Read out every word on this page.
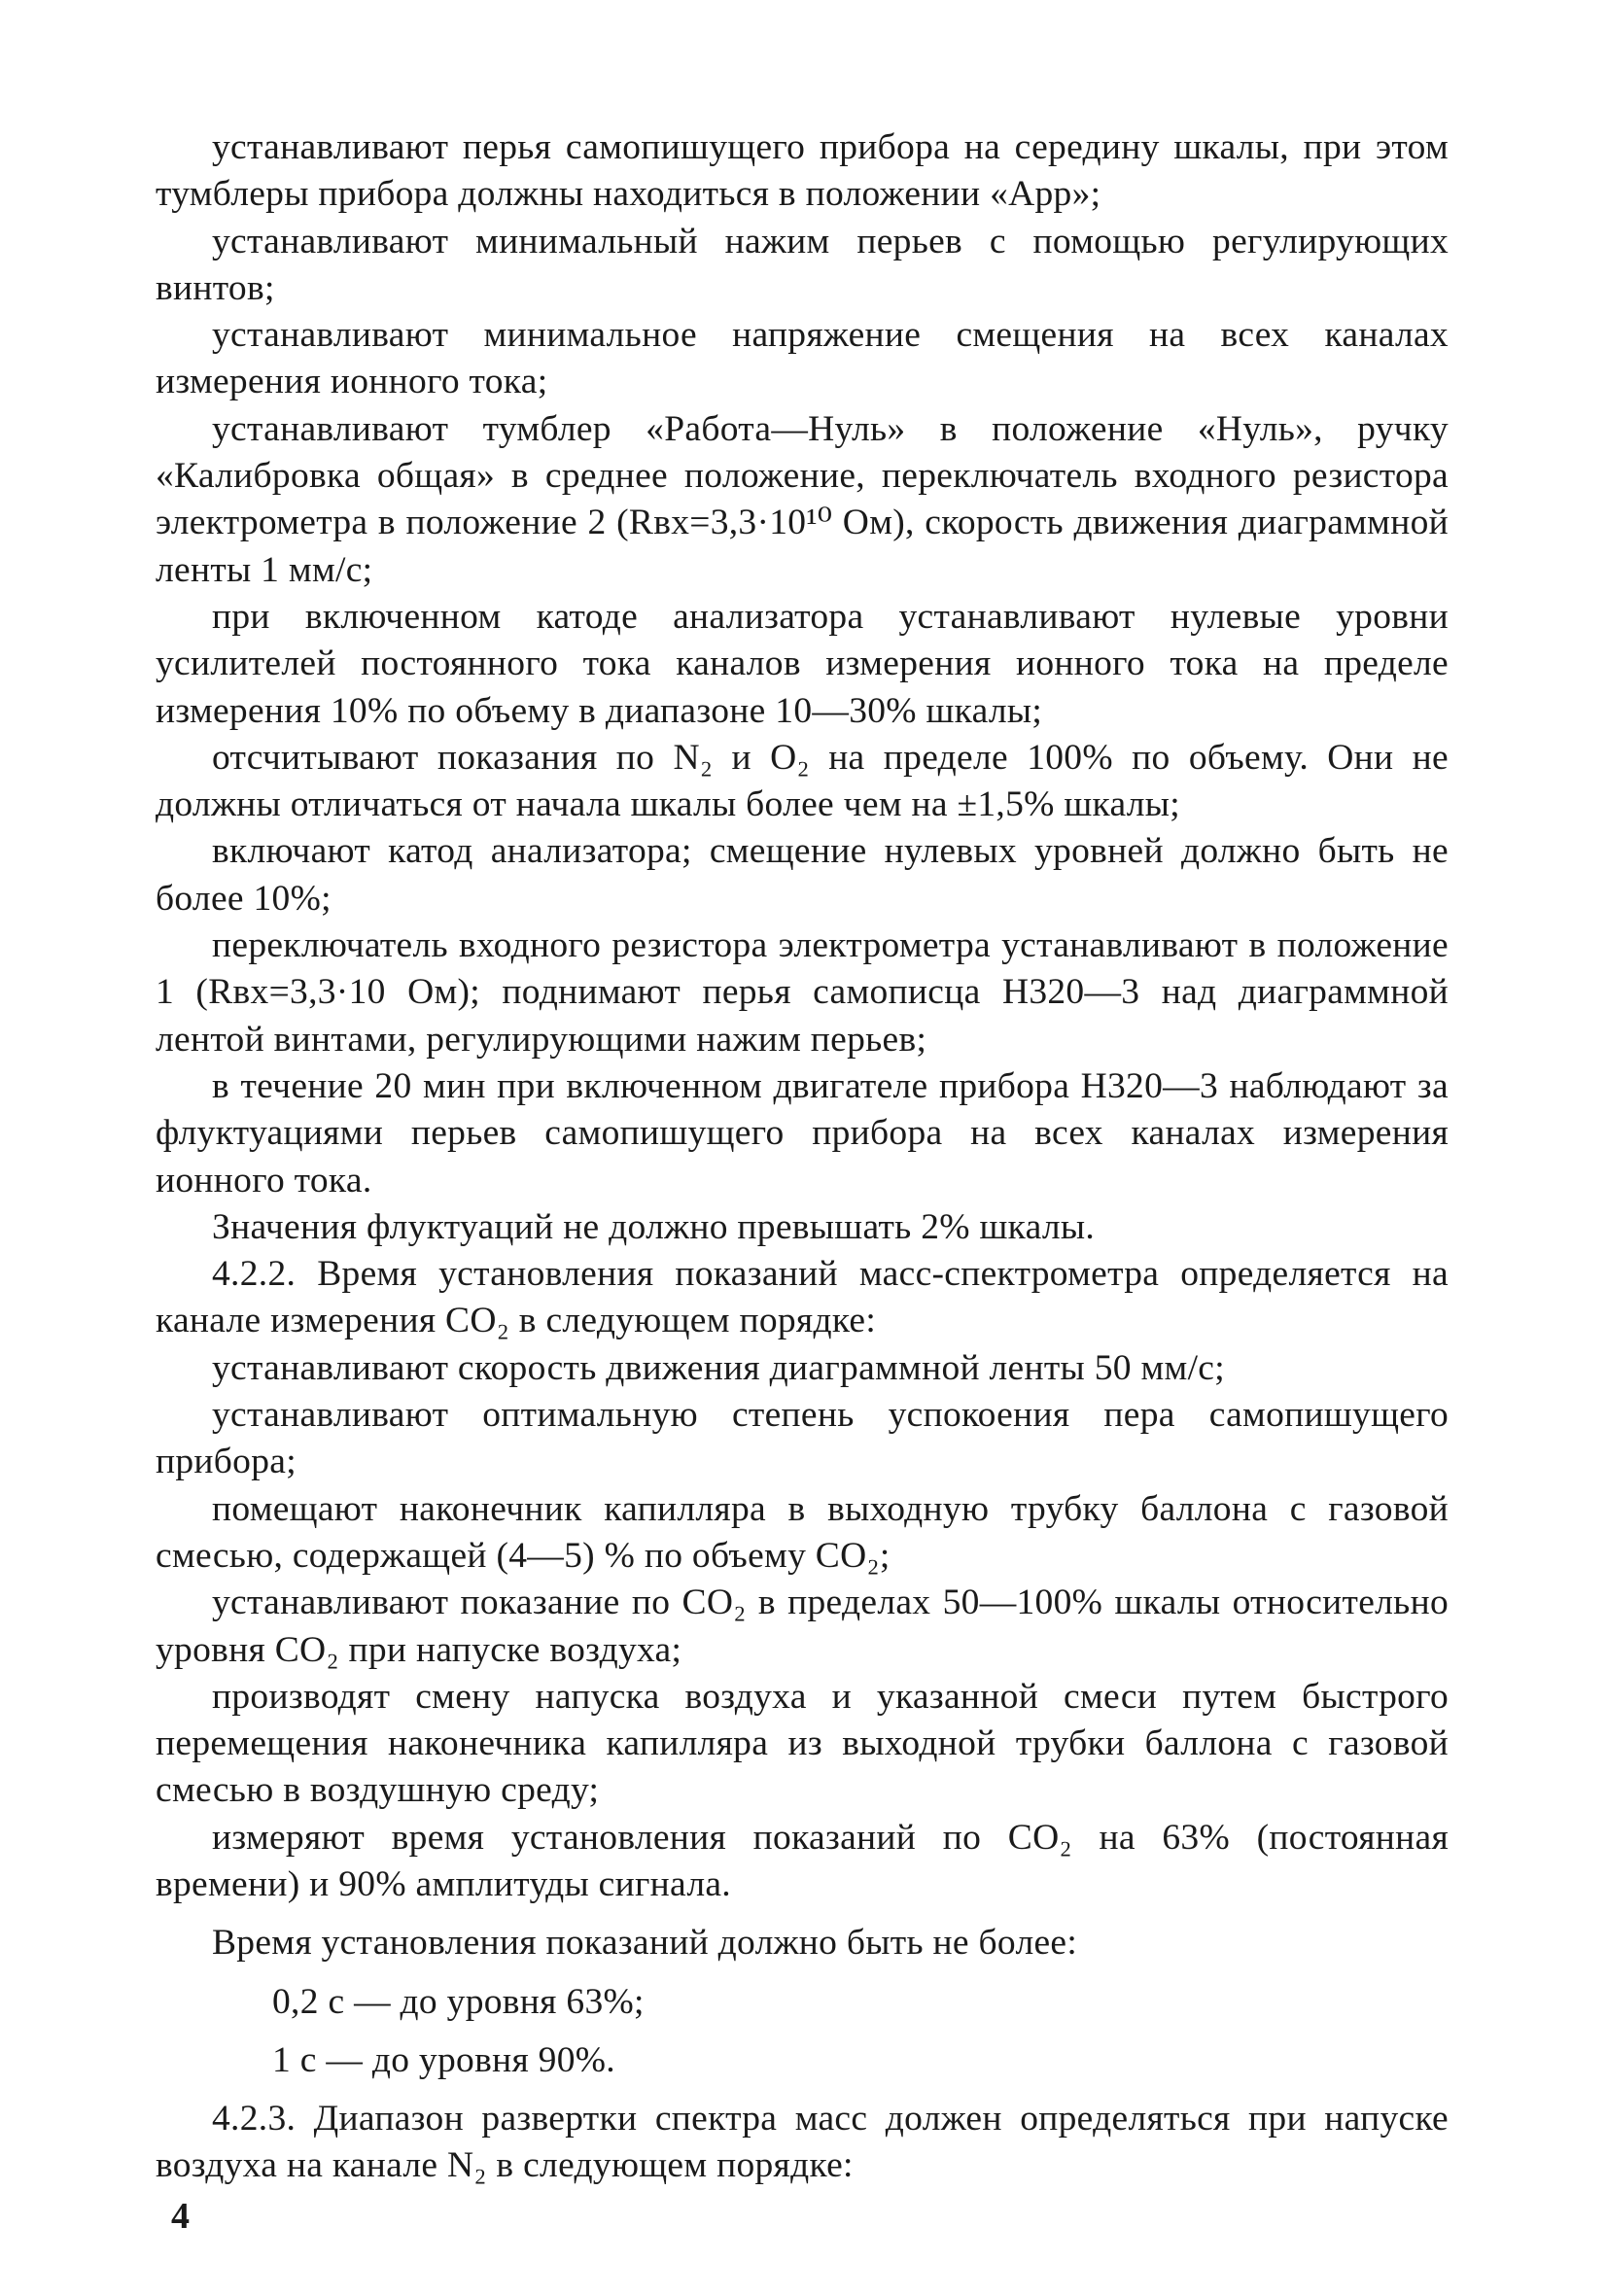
устанавливают перья самопишущего прибора на середину шкалы, при этом тумблеры прибора должны находиться в положении «Арр»;

устанавливают минимальный нажим перьев с помощью регулирующих винтов;

устанавливают минимальное напряжение смещения на всех каналах измерения ионного тока;

устанавливают тумблер «Работа—Нуль» в положение «Нуль», ручку «Калибровка общая» в среднее положение, переключатель входного резистора электрометра в положение 2 (Rвх=3,3·10¹⁰ Ом), скорость движения диаграммной ленты 1 мм/с;

при включенном катоде анализатора устанавливают нулевые уровни усилителей постоянного тока каналов измерения ионного тока на пределе измерения 10% по объему в диапазоне 10—30% шкалы;

отсчитывают показания по N₂ и O₂ на пределе 100% по объему. Они не должны отличаться от начала шкалы более чем на ±1,5% шкалы;

включают катод анализатора; смещение нулевых уровней должно быть не более 10%;

переключатель входного резистора электрометра устанавливают в положение 1 (Rвх=3,3·10 Ом); поднимают перья самописца Н320—3 над диаграммной лентой винтами, регулирующими нажим перьев;

в течение 20 мин при включенном двигателе прибора Н320—3 наблюдают за флуктуациями перьев самопишущего прибора на всех каналах измерения ионного тока.

Значения флуктуаций не должно превышать 2% шкалы.

4.2.2. Время установления показаний масс-спектрометра определяется на канале измерения CO₂ в следующем порядке:

устанавливают скорость движения диаграммной ленты 50 мм/с;

устанавливают оптимальную степень успокоения пера самопишущего прибора;

помещают наконечник капилляра в выходную трубку баллона с газовой смесью, содержащей (4—5) % по объему CO₂;

устанавливают показание по CO₂ в пределах 50—100% шкалы относительно уровня CO₂ при напуске воздуха;

производят смену напуска воздуха и указанной смеси путем быстрого перемещения наконечника капилляра из выходной трубки баллона с газовой смесью в воздушную среду;

измеряют время установления показаний по CO₂ на 63% (постоянная времени) и 90% амплитуды сигнала.

Время установления показаний должно быть не более:

0,2 с — до уровня 63%;

1 с — до уровня 90%.

4.2.3. Диапазон развертки спектра масс должен определяться при напуске воздуха на канале N₂ в следующем порядке:

4
